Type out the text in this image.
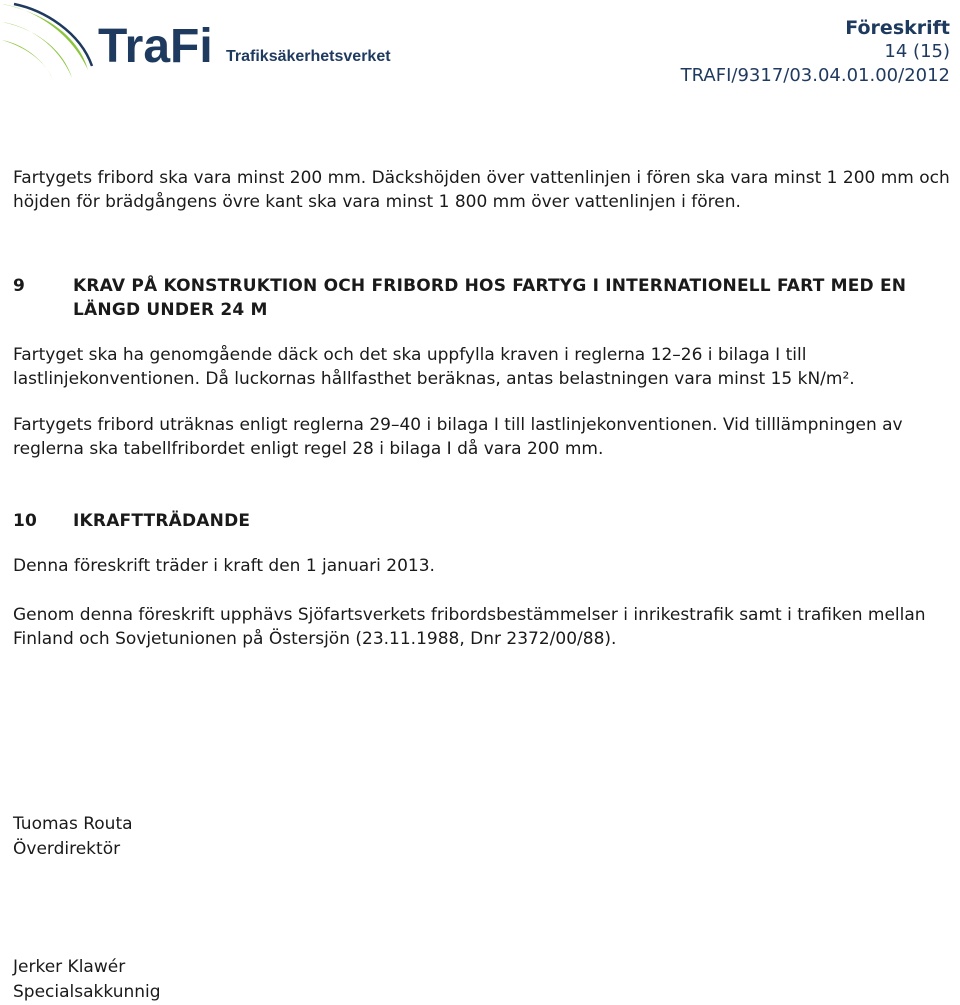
TraFi Trafiksäkerhetsverket
Föreskrift
14 (15)
TRAFI/9317/03.04.01.00/2012

Fartygets fribord ska vara minst 200 mm. Däckshöjden över vattenlinjen i fören ska vara minst 1 200 mm och höjden för brädgångens övre kant ska vara minst 1 800 mm över vattenlinjen i fören.

9	KRAV PÅ KONSTRUKTION OCH FRIBORD HOS FARTYG I INTERNATIONELL FART MED EN LÄNGD UNDER 24 M

Fartyget ska ha genomgående däck och det ska uppfylla kraven i reglerna 12–26 i bilaga I till lastlinjekonventionen. Då luckornas hållfasthet beräknas, antas belastningen vara minst 15 kN/m².

Fartygets fribord uträknas enligt reglerna 29–40 i bilaga I till lastlinjekonventionen. Vid tilllämpningen av reglerna ska tabellfribordet enligt regel 28 i bilaga I då vara 200 mm.

10	IKRAFTTRÄDANDE

Denna föreskrift träder i kraft den 1 januari 2013.

Genom denna föreskrift upphävs Sjöfartsverkets fribordsbestämmelser i inrikestrafik samt i trafiken mellan Finland och Sovjetunionen på Östersjön (23.11.1988, Dnr 2372/00/88).

Tuomas Routa
Överdirektör
Jerker Klawér
Specialsakkunnig
